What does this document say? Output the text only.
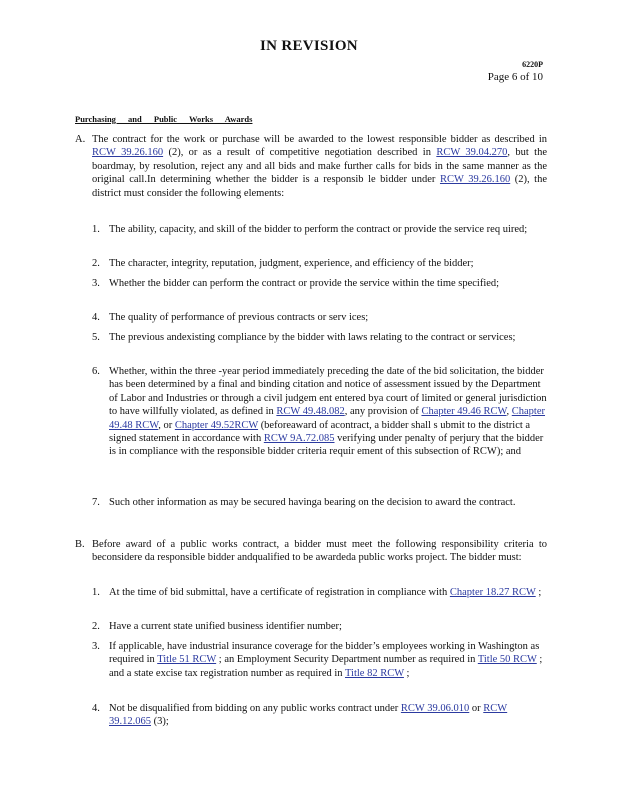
IN REVISION
6220P
Page 6 of 10
Purchasing and Public Works Awards
A. The contract for the work or purchase will be awarded to the lowest responsible bidder as described in RCW 39.26.160 (2), or as a result of competitive negotiation described in RCW 39.04.270, but the boardmay, by resolution, reject any and all bids and make further calls for bids in the same manner as the original call.In determining whether the bidder is a responsib le bidder under RCW 39.26.160 (2), the district must consider the following elements:
1. The ability, capacity, and skill of the bidder to perform the contract or provide the service req uired;
2. The character, integrity, reputation, judgment, experience, and efficiency of the bidder;
3. Whether the bidder can perform the contract or provide the service within the time specified;
4. The quality of performance of previous contracts or serv ices;
5. The previous andexisting compliance by the bidder with laws relating to the contract or services;
6. Whether, within the three -year period immediately preceding the date of the bid solicitation, the bidder has been determined by a final and binding citation and notice of assessment issued by the Department of Labor and Industries or through a civil judgem ent entered bya court of limited or general jurisdiction to have willfully violated, as defined in RCW 49.48.082, any provision of Chapter 49.46 RCW, Chapter 49.48 RCW, or Chapter 49.52RCW (beforeaward of acontract, a bidder shall s ubmit to the district a signed statement in accordance with RCW 9A.72.085 verifying under penalty of perjury that the bidder is in compliance with the responsible bidder criteria requir ement of this subsection of RCW); and
7. Such other information as may be secured havinga bearing on the decision to award the contract.
B. Before award of a public works contract, a bidder must meet the following responsibility criteria to beconsidere da responsible bidder andqualified to be awardeda public works project. The bidder must:
1. At the time of bid submittal, have a certificate of registration in compliance with Chapter 18.27 RCW ;
2. Have a current state unified business identifier number;
3. If applicable, have industrial insurance coverage for the bidder’s employees working in Washington as required in Title 51 RCW ; an Employment Security Department number as required in Title 50 RCW ; and a state excise tax registration number as required in Title 82 RCW ;
4. Not be disqualified from bidding on any public works contract under RCW 39.06.010 or RCW 39.12.065 (3);
